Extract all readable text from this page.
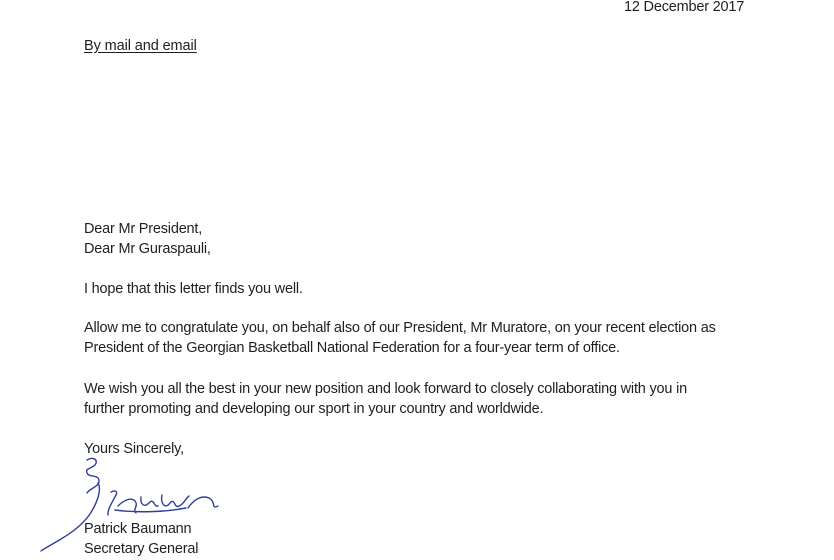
12 December 2017
By mail and email
Dear Mr President,
Dear Mr Guraspauli,
I hope that this letter finds you well.
Allow me to congratulate you, on behalf also of our President, Mr Muratore, on your recent election as
President of the Georgian Basketball National Federation for a four-year term of office.
We wish you all the best in your new position and look forward to closely collaborating with you in
further promoting and developing our sport in your country and worldwide.
Yours Sincerely,
Patrick Baumann
Secretary General
